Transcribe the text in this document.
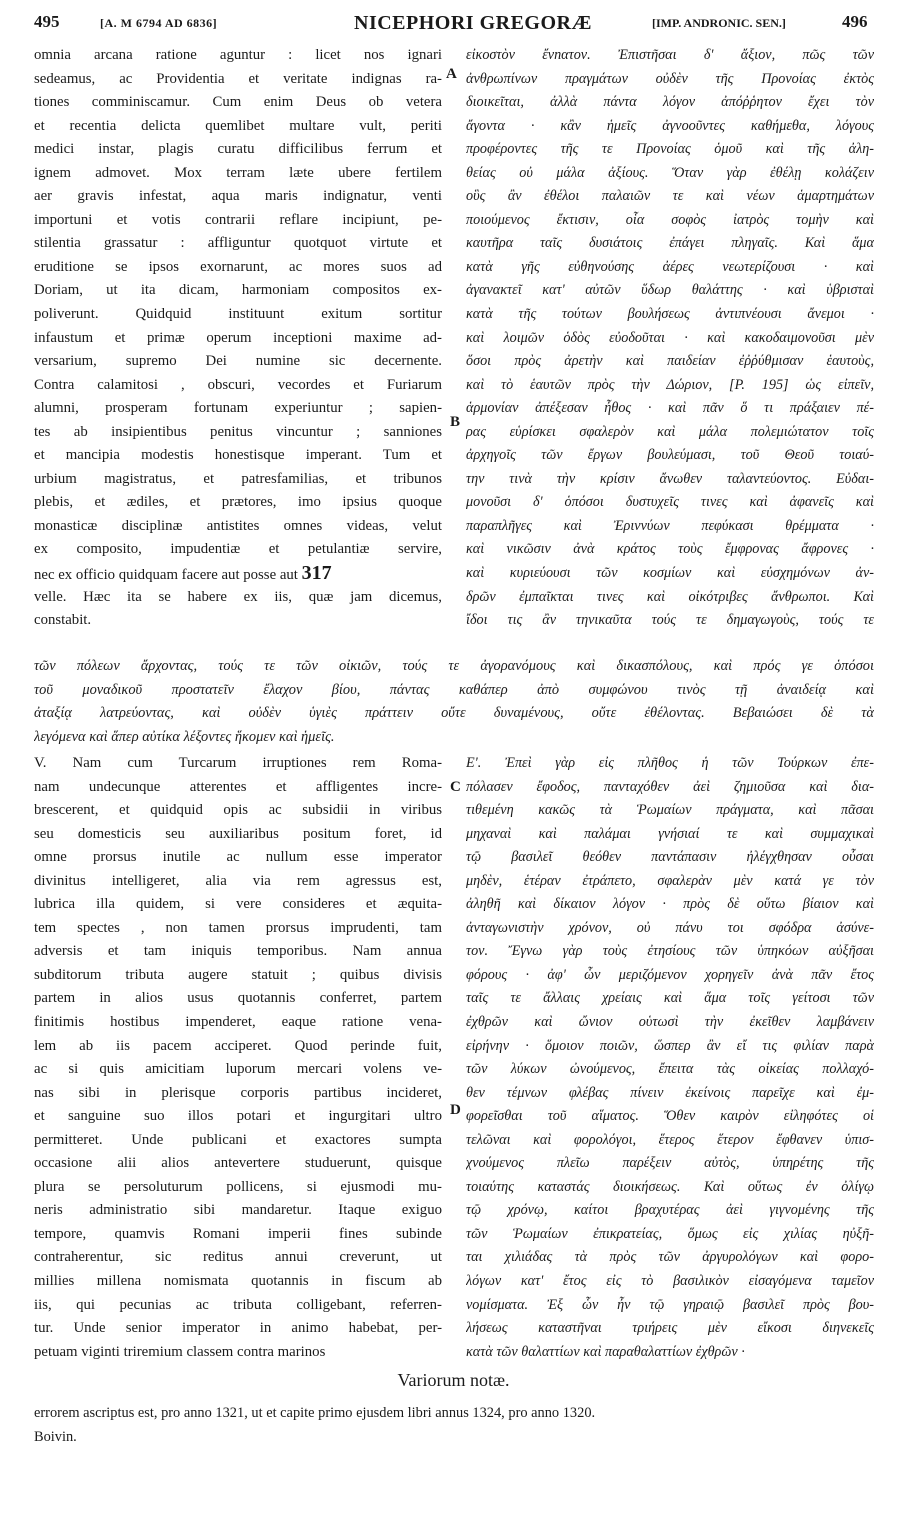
495	[A. M 6794 AD 6836]	NICEPHORI GREGORÆ	[IMP. ANDRONIC. SEN.]	496
omnia arcana ratione aguntur : licet nos ignari
sedeamus, ac Providentia et veritate indignas ra-
tiones comminiscamur. Cum enim Deus ob vetera
et recentia delicta quemlibet multare vult, periti
medici instar, plagis curatu difficilibus ferrum et
ignem admovet. Mox terram læte ubere fertilem
aer gravis infestat, aqua maris indignatur, venti
importuni et votis contrarii reflare incipiunt, pe-
stilentia grassatur : affliguntur quotquot virtute et
eruditione se ipsos exornarunt, ac mores suos ad
Doriam, ut ita dicam, harmoniam compositos ex-
poliverunt. Quidquid instituunt exitum sortitur
infaustum et primæ operum inceptioni maxime ad-
versarium, supremo Dei numine sic decernente.
Contra calamitosi , obscuri, vecordes et Furiarum
alumni, prosperam fortunam experiuntur ; sapien-
tes ab insipientibus penitus vincuntur ; sanniones
et mancipia modestis honestisque imperant. Tum et
urbium magistratus, et patresfamilias, et tribunos
plebis, et ædiles, et prætores, imo ipsius quoque
monasticæ disciplinæ antistites omnes videas, velut
ex composito, impudentiæ et petulantiæ servire,
nec ex officio quidquam facere aut posse aut 317
velle. Hæc ita se habere ex iis, quæ jam dicemus,
constabit.
A
B
C
D
εἰκοστὸν ἔνnατον. Ἐπιστῆσαι δ' ἄξιον, πῶς τῶν
ἀνθρωπίνων πραγμάτων οὐδὲν τῆς Προνοίας ἐκτὸς
διοικεῖται, ἀλλὰ πάντα λόγον ἀπόῤῥητον ἔχει τὸν
ἄγοντα · κἂν ἡμεῖς ἀγνοοῦντες καθήμεθα, λόγους
προφέροντες τῆς τε Προνοίας ὁμοῦ καὶ τῆς ἀλη-
θείας οὐ μάλα ἀξίους. Ὅταν γὰρ ἐθέλῃ κολάζειν
οὓς ἂν ἐθέλοι παλαιῶν τε καὶ νέων ἁμαρτημάτων
ποιούμενος ἔκτισιν, οἷα σοφὸς ἰατρὸς τομὴν καὶ
καυτῆρα ταῖς δυσιάτοις ἐπάγει πληγαῖς. Καὶ ἅμα
κατὰ γῆς εὐθηνούσης ἀέρες νεωτερίζουσι · καὶ
ἀγανακτεῖ κατ' αὐτῶν ὕδωρ θαλάττης · καὶ ὑβρισταὶ
κατὰ τῆς τούτων βουλήσεως ἀντιπνέουσι ἄνεμοι ·
καὶ λοιμῶν ὁδὸς εὐοδοῦται · καὶ κακοδαιμονοῦσι μὲν
ὅσοι πρὸς ἀρετὴν καὶ παιδείαν ἐῤῥύθμισαν ἑαυτοὺς,
καὶ τὸ ἑαυτῶν πρὸς τὴν Δώριον, [P. 195] ὡς εἰπεῖν,
ἁρμονίαν ἀπέξεσαν ἦθος · καὶ πᾶν ὅ τι πράξαιεν πέ-
ρας εὑρίσκει σφαλερὸν καὶ μάλα πολεμιώτατον τοῖς
ἀρχηγοῖς τῶν ἔργων βουλεύμασι, τοῦ Θεοῦ τοιαύ-
την τινὰ τὴν κρίσιν ἄνωθεν ταλαντεύοντος. Εὐδαι-
μονοῦσι δ' ὁπόσοι δυστυχεῖς τινες καὶ ἀφανεῖς καὶ
παραπλῆγες καὶ Ἐριννύων πεφύκασι θρέμματα ·
καὶ νικῶσιν ἀνὰ κράτος τοὺς ἔμφρονας ἄφρονες ·
καὶ κυριεύουσι τῶν κοσμίων καὶ εὐσχημόνων ἀν-
δρῶν ἐμπαῖκται τινες καὶ οἰκότριβες ἄνθρωποι. Καὶ
ἴδοι τις ἂν τηνικαῦτα τούς τε δημαγωγοὺς, τούς τε
τῶν πόλεων ἄρχοντας, τούς τε τῶν οἰκιῶν, τούς τε ἀγορανόμους καὶ δικασπόλους, καὶ πρός γε ὁπόσοι
τοῦ μοναδικοῦ προστατεῖν ἔλαχον βίου, πάντας καθάπερ ἀπὸ συμφώνου τινὸς τῇ ἀναιδείᾳ καὶ
ἀταξίᾳ λατρεύοντας, καὶ οὐδὲν ὑγιὲς πράττειν οὔτε δυναμένους, οὔτε ἐθέλοντας. Βεβαιώσει δὲ τὰ
λεγόμενα καὶ ἅπερ αὐτίκα λέξοντες ἥκομεν καὶ ἡμεῖς.
V. Nam cum Turcarum irruptiones rem Roma-
nam undecunque atterentes et affligentes incre-
brescerent, et quidquid opis ac subsidii in viribus
seu domesticis seu auxiliaribus positum foret, id
omne prorsus inutile ac nullum esse imperator
divinitus intelligeret, alia via rem agressus est,
lubrica illa quidem, si vere consideres et æquita-
tem spectes , non tamen prorsus imprudenti, tam
adversis et tam iniquis temporibus. Nam annua
subditorum tributa augere statuit ; quibus divisis
partem in alios usus quotannis conferret, partem
finitimis hostibus impenderet, eaque ratione vena-
lem ab iis pacem acciperet. Quod perinde fuit,
ac si quis amicitiam luporum mercari volens ve-
nas sibi in plerisque corporis partibus incideret,
et sanguine suo illos potari et ingurgitari ultro
permitteret. Unde publicani et exactores sumpta
occasione alii alios antevertere studuerunt, quisque
plura se persoluturum pollicens, si ejusmodi mu-
neris administratio sibi mandaretur. Itaque exiguo
tempore, quamvis Romani imperii fines subinde
contraherentur, sic reditus annui creverunt, ut
millies millena nomismata quotannis in fiscum ab
iis, qui pecunias ac tributa colligebant, referren-
tur. Unde senior imperator in animo habebat, per-
petuam viginti triremium classem contra marinos
Ε'. Ἐπεὶ γὰρ εἰς πλῆθος ἡ τῶν Τούρκων ἐπε-
πόλασεν ἔφοδος, πανταχόθεν ἀεὶ ζημιοῦσα καὶ δια-
τιθεμένη κακῶς τὰ Ῥωμαίων πράγματα, καὶ πᾶσαι
μηχαναὶ καὶ παλάμαι γνήσιαί τε καὶ συμμαχικαὶ
τῷ βασιλεῖ θεόθεν παντάπασιν ἠλέγχθησαν οὖσαι
μηδὲν, ἑτέραν ἐτράπετο, σφαλερὰν μὲν κατά γε τὸν
ἀληθῆ καὶ δίκαιον λόγον · πρὸς δὲ οὕτω βίαιον καὶ
ἀνταγωνιστὴν χρόνον, οὐ πάνυ τοι σφόδρα ἀσύνε-
τον. Ἔγνω γὰρ τοὺς ἐτησίους τῶν ὑπηκόων αὐξῆσαι
φόρους · ἀφ' ὧν μεριζόμενον χορηγεῖν ἀνὰ πᾶν ἔτος
ταῖς τε ἄλλαις χρείαις καὶ ἅμα τοῖς γείτοσι τῶν
ἐχθρῶν καὶ ὤνιον οὑτωσὶ τὴν ἐκεῖθεν λαμβάνειν
εἰρήνην · ὅμοιον ποιῶν, ὥσπερ ἂν εἴ τις φιλίαν παρὰ
τῶν λύκων ὠνούμενος, ἔπειτα τὰς οἰκείας πολλαχό-
θεν τέμνων φλέβας πίνειν ἐκείνοις παρεῖχε καὶ ἐμ-
φορεῖσθαι τοῦ αἵματος. Ὅθεν καιρὸν εἰληφότες οἱ
τελῶναι καὶ φορολόγοι, ἕτερος ἕτερον ἔφθανεν ὑπισ-
χνούμενος πλεῖω παρέξειν αὐτὸς, ὑπηρέτης τῆς
τοιαύτης καταστάς διοικήσεως. Καὶ οὕτως ἐν ὀλίγῳ
τῷ χρόνῳ, καίτοι βραχυτέρας ἀεὶ γιγνομένης τῆς
τῶν Ῥωμαίων ἐπικρατείας, ὅμως εἰς χιλίας ηὐξῆ-
ται χιλιάδας τὰ πρὸς τῶν ἀργυρολόγων καὶ φορο-
λόγων κατ' ἔτος εἰς τὸ βασιλικὸν εἰσαγόμενα ταμεῖον
νομίσματα. Ἐξ ὧν ἦν τῷ γηραιῷ βασιλεῖ πρὸς βου-
λήσεως καταστῆναι τριήρεις μὲν εἴκοσι διηνεκεῖς
κατὰ τῶν θαλαττίων καὶ παραθαλαττίων ἐχθρῶν ·
Variorum notæ.
errorem ascriptus est, pro anno 1321, ut et capite primo ejusdem libri annus 1324, pro anno 1320.
Boivin.
